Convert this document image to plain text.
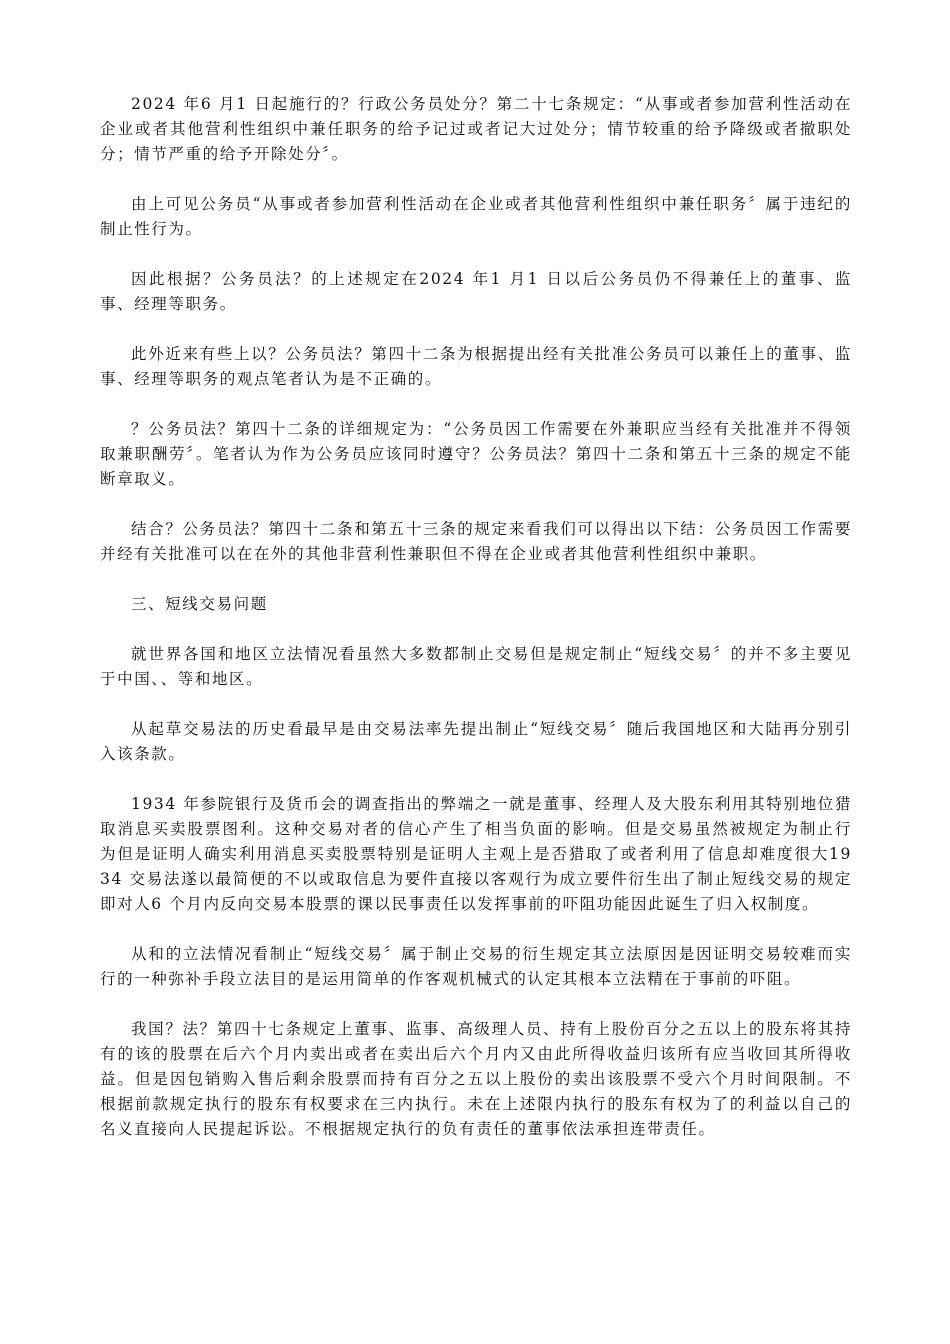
2024 年6 月1 日起施行的？行政公务员处分？第二十七条规定：“从事或者参加营利性活动在企业或者其他营利性组织中兼任职务的给予记过或者记大过处分；情节较重的给予降级或者撤职处分；情节严重的给予开除处分〞。

由上可见公务员“从事或者参加营利性活动在企业或者其他营利性组织中兼任职务〞属于违纪的制止性行为。

因此根据？公务员法？的上述规定在2024 年1 月1 日以后公务员仍不得兼任上的董事、监事、经理等职务。

此外近来有些上以？公务员法？第四十二条为根据提出经有关批准公务员可以兼任上的董事、监事、经理等职务的观点笔者认为是不正确的。

？公务员法？第四十二条的详细规定为：“公务员因工作需要在外兼职应当经有关批准并不得领取兼职酬劳〞。笔者认为作为公务员应该同时遵守？公务员法？第四十二条和第五十三条的规定不能断章取义。

结合？公务员法？第四十二条和第五十三条的规定来看我们可以得出以下结：公务员因工作需要并经有关批准可以在在外的其他非营利性兼职但不得在企业或者其他营利性组织中兼职。

三、短线交易问题

就世界各国和地区立法情况看虽然大多数都制止交易但是规定制止“短线交易〞的并不多主要见于中国、、等和地区。

从起草交易法的历史看最早是由交易法率先提出制止“短线交易〞随后我国地区和大陆再分别引入该条款。

1934 年参院银行及货币会的调查指出的弊端之一就是董事、经理人及大股东利用其特别地位猎取消息买卖股票图利。这种交易对者的信心产生了相当负面的影响。但是交易虽然被规定为制止行为但是证明人确实利用消息买卖股票特别是证明人主观上是否猎取了或者利用了信息却难度很大1934 交易法遂以最简便的不以或取信息为要件直接以客观行为成立要件衍生出了制止短线交易的规定即对人6 个月内反向交易本股票的课以民事责任以发挥事前的吓阻功能因此诞生了归入权制度。

从和的立法情况看制止“短线交易〞属于制止交易的衍生规定其立法原因是因证明交易较难而实行的一种弥补手段立法目的是运用简单的作客观机械式的认定其根本立法精在于事前的吓阻。

我国？法？第四十七条规定上董事、监事、高级理人员、持有上股份百分之五以上的股东将其持有的该的股票在后六个月内卖出或者在卖出后六个月内又由此所得收益归该所有应当收回其所得收益。但是因包销购入售后剩余股票而持有百分之五以上股份的卖出该股票不受六个月时间限制。不根据前款规定执行的股东有权要求在三内执行。未在上述限内执行的股东有权为了的利益以自己的名义直接向人民提起诉讼。不根据规定执行的负有责任的董事依法承担连带责任。
